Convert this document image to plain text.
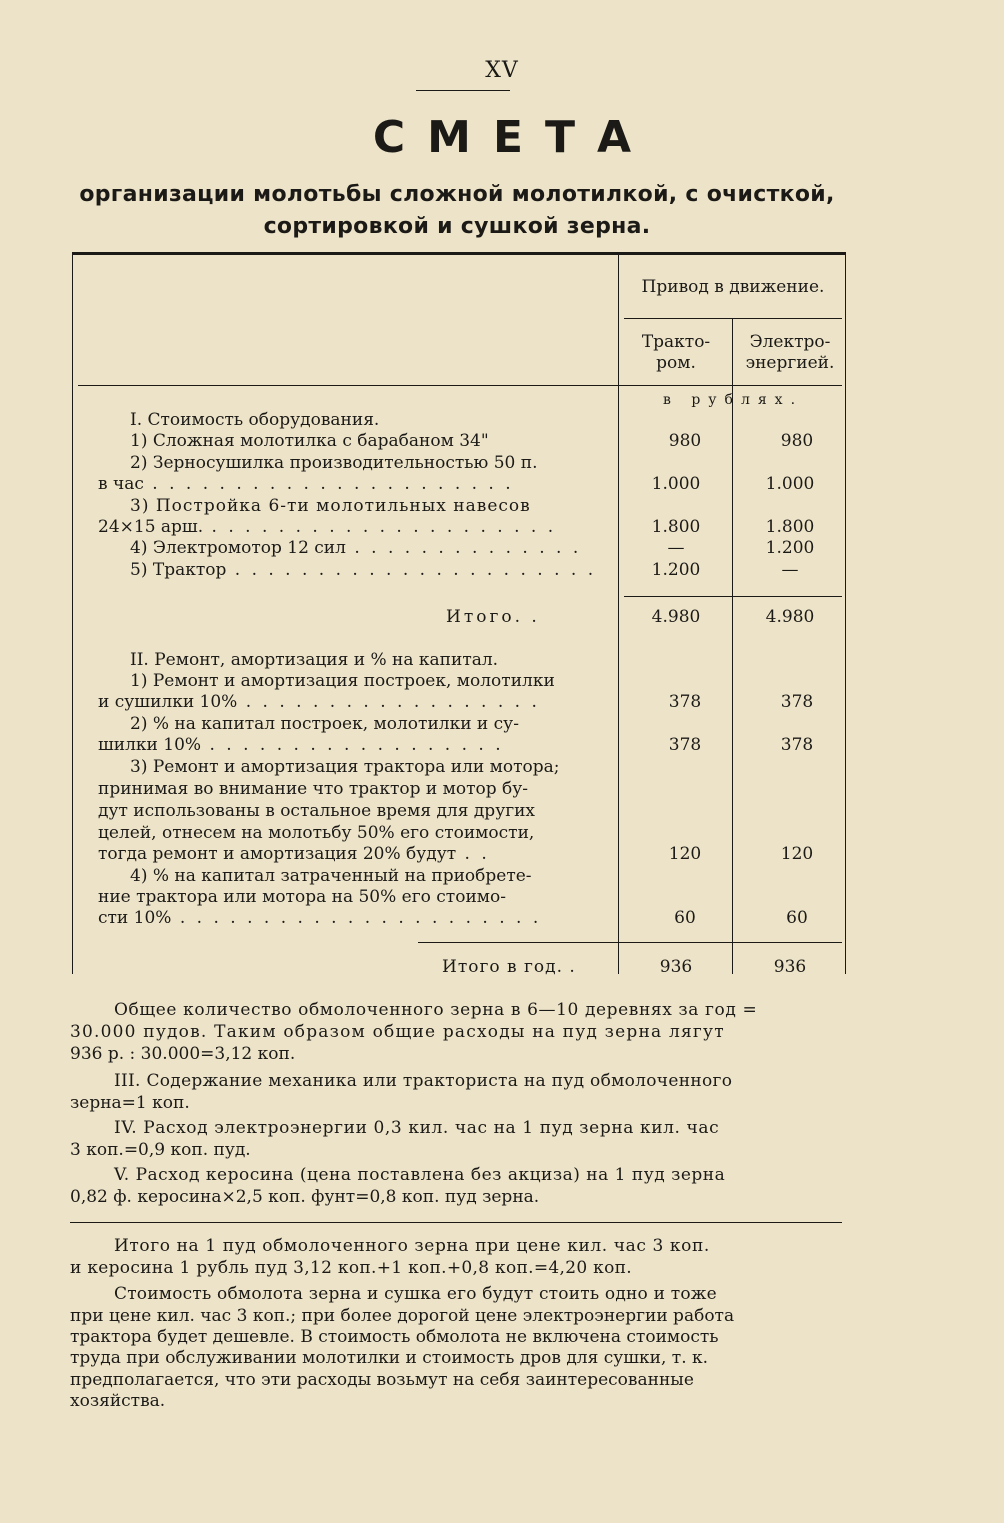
XV
СМЕТА
организации молотьбы сложной молотилкой, с очисткой,
сортировкой и сушкой зерна.
Привод в движение.
Тракто-
ром.
Электро-
энергией.
в рублях.
I. Стоимость оборудования.
1) Сложная молотилка с барабаном 34"	980	980
2) Зерносушилка производительностью 50 п.
в час . . . . . . . . . . . . . . . . . . . . . .	1.000	1.000
3) Постройка 6-ти молотильных навесов
24×15 арш. . . . . . . . . . . . . . . . . . . . . .	1.800	1.800
4) Электромотор 12 сил . . . . . . . . . . . . . .	—	1.200
5) Трактор . . . . . . . . . . . . . . . . . . . . . .	1.200	—
Итого. .	4.980	4.980
II. Ремонт, амортизация и % на капитал.
1) Ремонт и амортизация построек, молотилки
и сушилки 10% . . . . . . . . . . . . . . . . . .	378	378
2) % на капитал построек, молотилки и су-
шилки 10% . . . . . . . . . . . . . . . . . .	378	378
3) Ремонт и амортизация трактора или мотора;
принимая во внимание что трактор и мотор бу-
дут использованы в остальное время для других
целей, отнесем на молотьбу 50% его стоимости,
тогда ремонт и амортизация 20% будут . .	120	120
4) % на капитал затраченный на приобрете-
ние трактора или мотора на 50% его стоимо-
сти 10% . . . . . . . . . . . . . . . . . . . . . .	60	60
Итого в год. .	936	936
Общее количество обмолоченного зерна в 6—10 деревнях за год =
30.000 пудов. Таким образом общие расходы на пуд зерна лягут
936 р. : 30.000=3,12 коп.
III. Содержание механика или тракториста на пуд обмолоченного
зерна=1 коп.
IV. Расход электроэнергии 0,3 кил. час на 1 пуд зерна кил. час
3 коп.=0,9 коп. пуд.
V. Расход керосина (цена поставлена без акциза) на 1 пуд зерна
0,82 ф. керосина×2,5 коп. фунт=0,8 коп. пуд зерна.
Итого на 1 пуд обмолоченного зерна при цене кил. час 3 коп.
и керосина 1 рубль пуд 3,12 коп.+1 коп.+0,8 коп.=4,20 коп.
Стоимость обмолота зерна и сушка его будут стоить одно и тоже
при цене кил. час 3 коп.; при более дорогой цене электроэнергии работа
трактора будет дешевле. В стоимость обмолота не включена стоимость
труда при обслуживании молотилки и стоимость дров для сушки, т. к.
предполагается, что эти расходы возьмут на себя заинтересованные
хозяйства.
